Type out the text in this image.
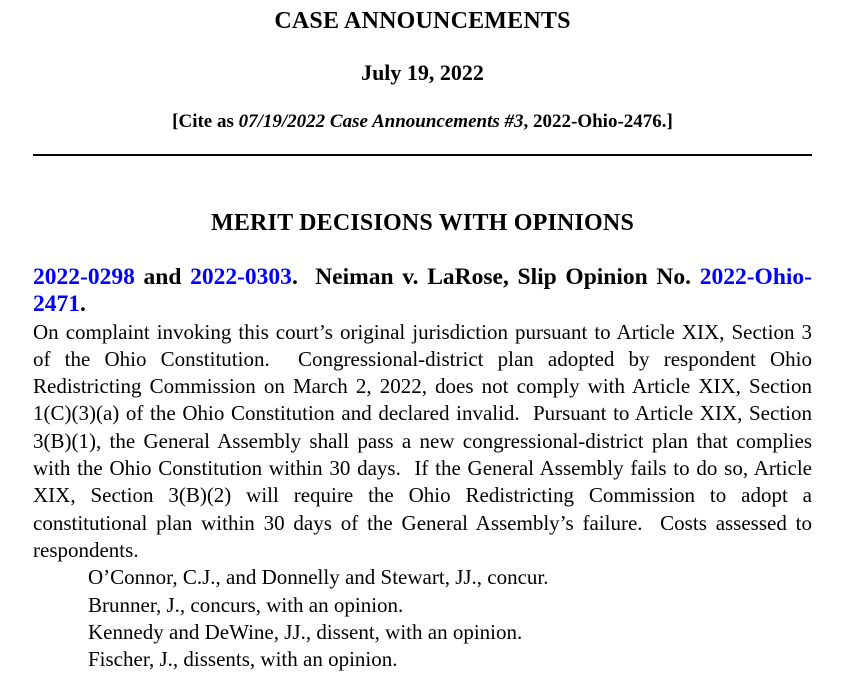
CASE ANNOUNCEMENTS
July 19, 2022
[Cite as 07/19/2022 Case Announcements #3, 2022-Ohio-2476.]
MERIT DECISIONS WITH OPINIONS
2022-0298 and 2022-0303.  Neiman v. LaRose, Slip Opinion No. 2022-Ohio-2471.
On complaint invoking this court’s original jurisdiction pursuant to Article XIX, Section 3 of the Ohio Constitution.  Congressional-district plan adopted by respondent Ohio Redistricting Commission on March 2, 2022, does not comply with Article XIX, Section 1(C)(3)(a) of the Ohio Constitution and declared invalid.  Pursuant to Article XIX, Section 3(B)(1), the General Assembly shall pass a new congressional-district plan that complies with the Ohio Constitution within 30 days.  If the General Assembly fails to do so, Article XIX, Section 3(B)(2) will require the Ohio Redistricting Commission to adopt a constitutional plan within 30 days of the General Assembly’s failure.  Costs assessed to respondents.
O’Connor, C.J., and Donnelly and Stewart, JJ., concur.
Brunner, J., concurs, with an opinion.
Kennedy and DeWine, JJ., dissent, with an opinion.
Fischer, J., dissents, with an opinion.
